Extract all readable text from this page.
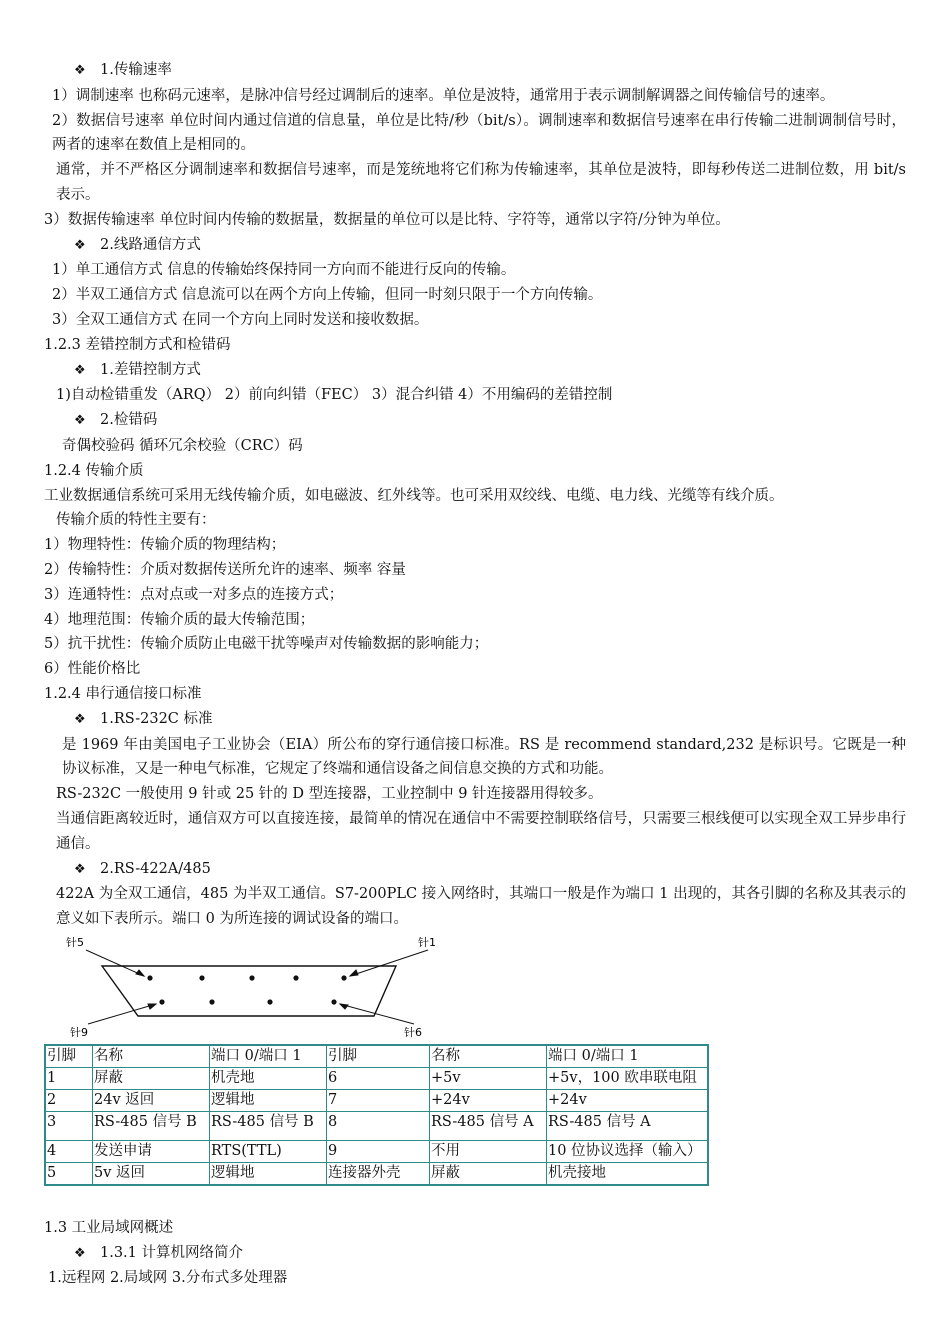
❖ 1.传输速率
1）调制速率 也称码元速率，是脉冲信号经过调制后的速率。单位是波特，通常用于表示调制解调器之间传输信号的速率。
2）数据信号速率 单位时间内通过信道的信息量，单位是比特/秒（bit/s）。调制速率和数据信号速率在串行传输二进制调制信号时，两者的速率在数值上是相同的。
通常，并不严格区分调制速率和数据信号速率，而是笼统地将它们称为传输速率，其单位是波特，即每秒传送二进制位数，用 bit/s 表示。
3）数据传输速率 单位时间内传输的数据量，数据量的单位可以是比特、字符等，通常以字符/分钟为单位。
❖ 2.线路通信方式
1）单工通信方式 信息的传输始终保持同一方向而不能进行反向的传输。
2）半双工通信方式 信息流可以在两个方向上传输，但同一时刻只限于一个方向传输。
3）全双工通信方式 在同一个方向上同时发送和接收数据。
1.2.3 差错控制方式和检错码
❖ 1.差错控制方式
1)自动检错重发（ARQ） 2）前向纠错（FEC） 3）混合纠错 4）不用编码的差错控制
❖ 2.检错码
奇偶校验码 循环冗余校验（CRC）码
1.2.4 传输介质
工业数据通信系统可采用无线传输介质，如电磁波、红外线等。也可采用双绞线、电缆、电力线、光缆等有线介质。
传输介质的特性主要有：
1）物理特性：传输介质的物理结构；
2）传输特性：介质对数据传送所允许的速率、频率 容量
3）连通特性：点对点或一对多点的连接方式；
4）地理范围：传输介质的最大传输范围；
5）抗干扰性：传输介质防止电磁干扰等噪声对传输数据的影响能力；
6）性能价格比
1.2.4 串行通信接口标准
❖ 1.RS-232C 标准
是 1969 年由美国电子工业协会（EIA）所公布的穿行通信接口标准。RS 是 recommend standard,232 是标识号。它既是一种协议标准，又是一种电气标准，它规定了终端和通信设备之间信息交换的方式和功能。
RS-232C 一般使用 9 针或 25 针的 D 型连接器，工业控制中 9 针连接器用得较多。
当通信距离较近时，通信双方可以直接连接，最简单的情况在通信中不需要控制联络信号，只需要三根线便可以实现全双工异步串行通信。
❖ 2.RS-422A/485
422A 为全双工通信，485 为半双工通信。S7-200PLC 接入网络时，其端口一般是作为端口 1 出现的，其各引脚的名称及其表示的意义如下表所示。端口 0 为所连接的调试设备的端口。
针5	针1
针9	针6
引脚	名称	端口 0/端口 1	引脚	名称	端口 0/端口 1
1	屏蔽	机壳地	6	+5v	+5v，100 欧串联电阻
2	24v 返回	逻辑地	7	+24v	+24v
3	RS-485 信号 B	RS-485 信号 B	8	RS-485 信号 A	RS-485 信号 A
4	发送申请	RTS(TTL)	9	不用	10 位协议选择（输入）
5	5v 返回	逻辑地	连接器外壳	屏蔽	机壳接地
1.3 工业局域网概述
❖ 1.3.1 计算机网络简介
1.远程网 2.局域网 3.分布式多处理器
